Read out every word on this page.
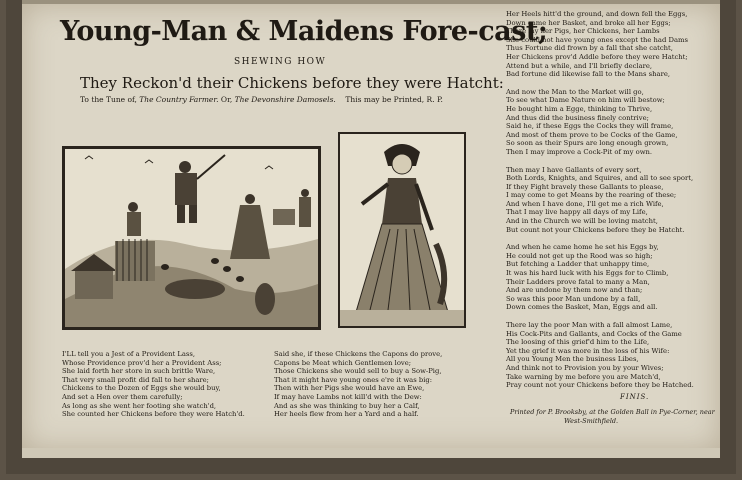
Young-Man & Maidens Fore-cast;
SHEWING HOW
They Reckon'd their Chickens before they were Hatcht:
To the Tune of, The Country Farmer. Or, The Devonshire Damosels. This may be Printed, R. P.
I'LL tell you a Jest of a Provident Lass,
Whose Providence prov'd her a Provident Ass;
She laid forth her store in such brittle Ware,
That very small profit did fall to her share;
Chickens to the Dozen of Eggs she would buy,
And set a Hen over them carefully;
As long as she went her footing she watch'd,
She counted her Chickens before they were Hatch'd.
Said she, if these Chickens the Capons do prove,
Capons be Meat which Gentlemen love;
Those Chickens she would sell to buy a Sow-Pig,
That it might have young ones e're it was big:
Then with her Pigs she would have an Ewe,
If may have Lambs not kill'd with the Dew:
And as she was thinking to buy her a Calf,
Her heels flew from her a Yard and a half.
Her Heels hitt'd the ground, and down fell the Eggs,
Down came her Basket, and broke all her Eggs;
There lay her Pigs, her Chickens, her Lambs
She could not have young ones except the had Dams
Thus Fortune did frown by a fall that she catcht,
Her Chickens prov'd Addle before they were Hatcht;
Attend but a while, and I'll briefly declare,
Bad fortune did likewise fall to the Mans share,
And now the Man to the Market will go,
To see what Dame Nature on him will bestow;
He bought him a Egge, thinking to Thrive,
And thus did the business finely contrive;
Said he, if these Eggs the Cocks they will frame,
And most of them prove to be Cocks of the Game,
So soon as their Spurs are long enough grown,
Then I may improve a Cock-Pit of my own.
Then may I have Gallants of every sort,
Both Lords, Knights, and Squires, and all to see sport,
If they Fight bravely these Gallants to please,
I may come to get Means by the rearing of these;
And when I have done, I'll get me a rich Wife,
That I may live happy all days of my Life,
And in the Church we will be loving matcht,
But count not your Chickens before they be Hatcht.
And when he came home he set his Eggs by,
He could not get up the Rood was so high;
But fetching a Ladder that unhappy time,
It was his hard luck with his Eggs for to Climb,
Their Ladders prove fatal to many a Man,
And are undone by them now and than;
So was this poor Man undone by a fall,
Down comes the Basket, Man, Eggs and all.
There lay the poor Man with a fall almost Lame,
His Cock-Pits and Gallants, and Cocks of the Game
The loosing of this grief'd him to the Life,
Yet the grief it was more in the loss of his Wife:
All you Young Men the business Libes,
And think not to Provision you by your Wives;
Take warning by me before you are Match'd,
Pray count not your Chickens before they be Hatched.
FINIS.
Printed for P. Brooksby, at the Golden Ball in Pye-Corner, near
West-Smithfield.
